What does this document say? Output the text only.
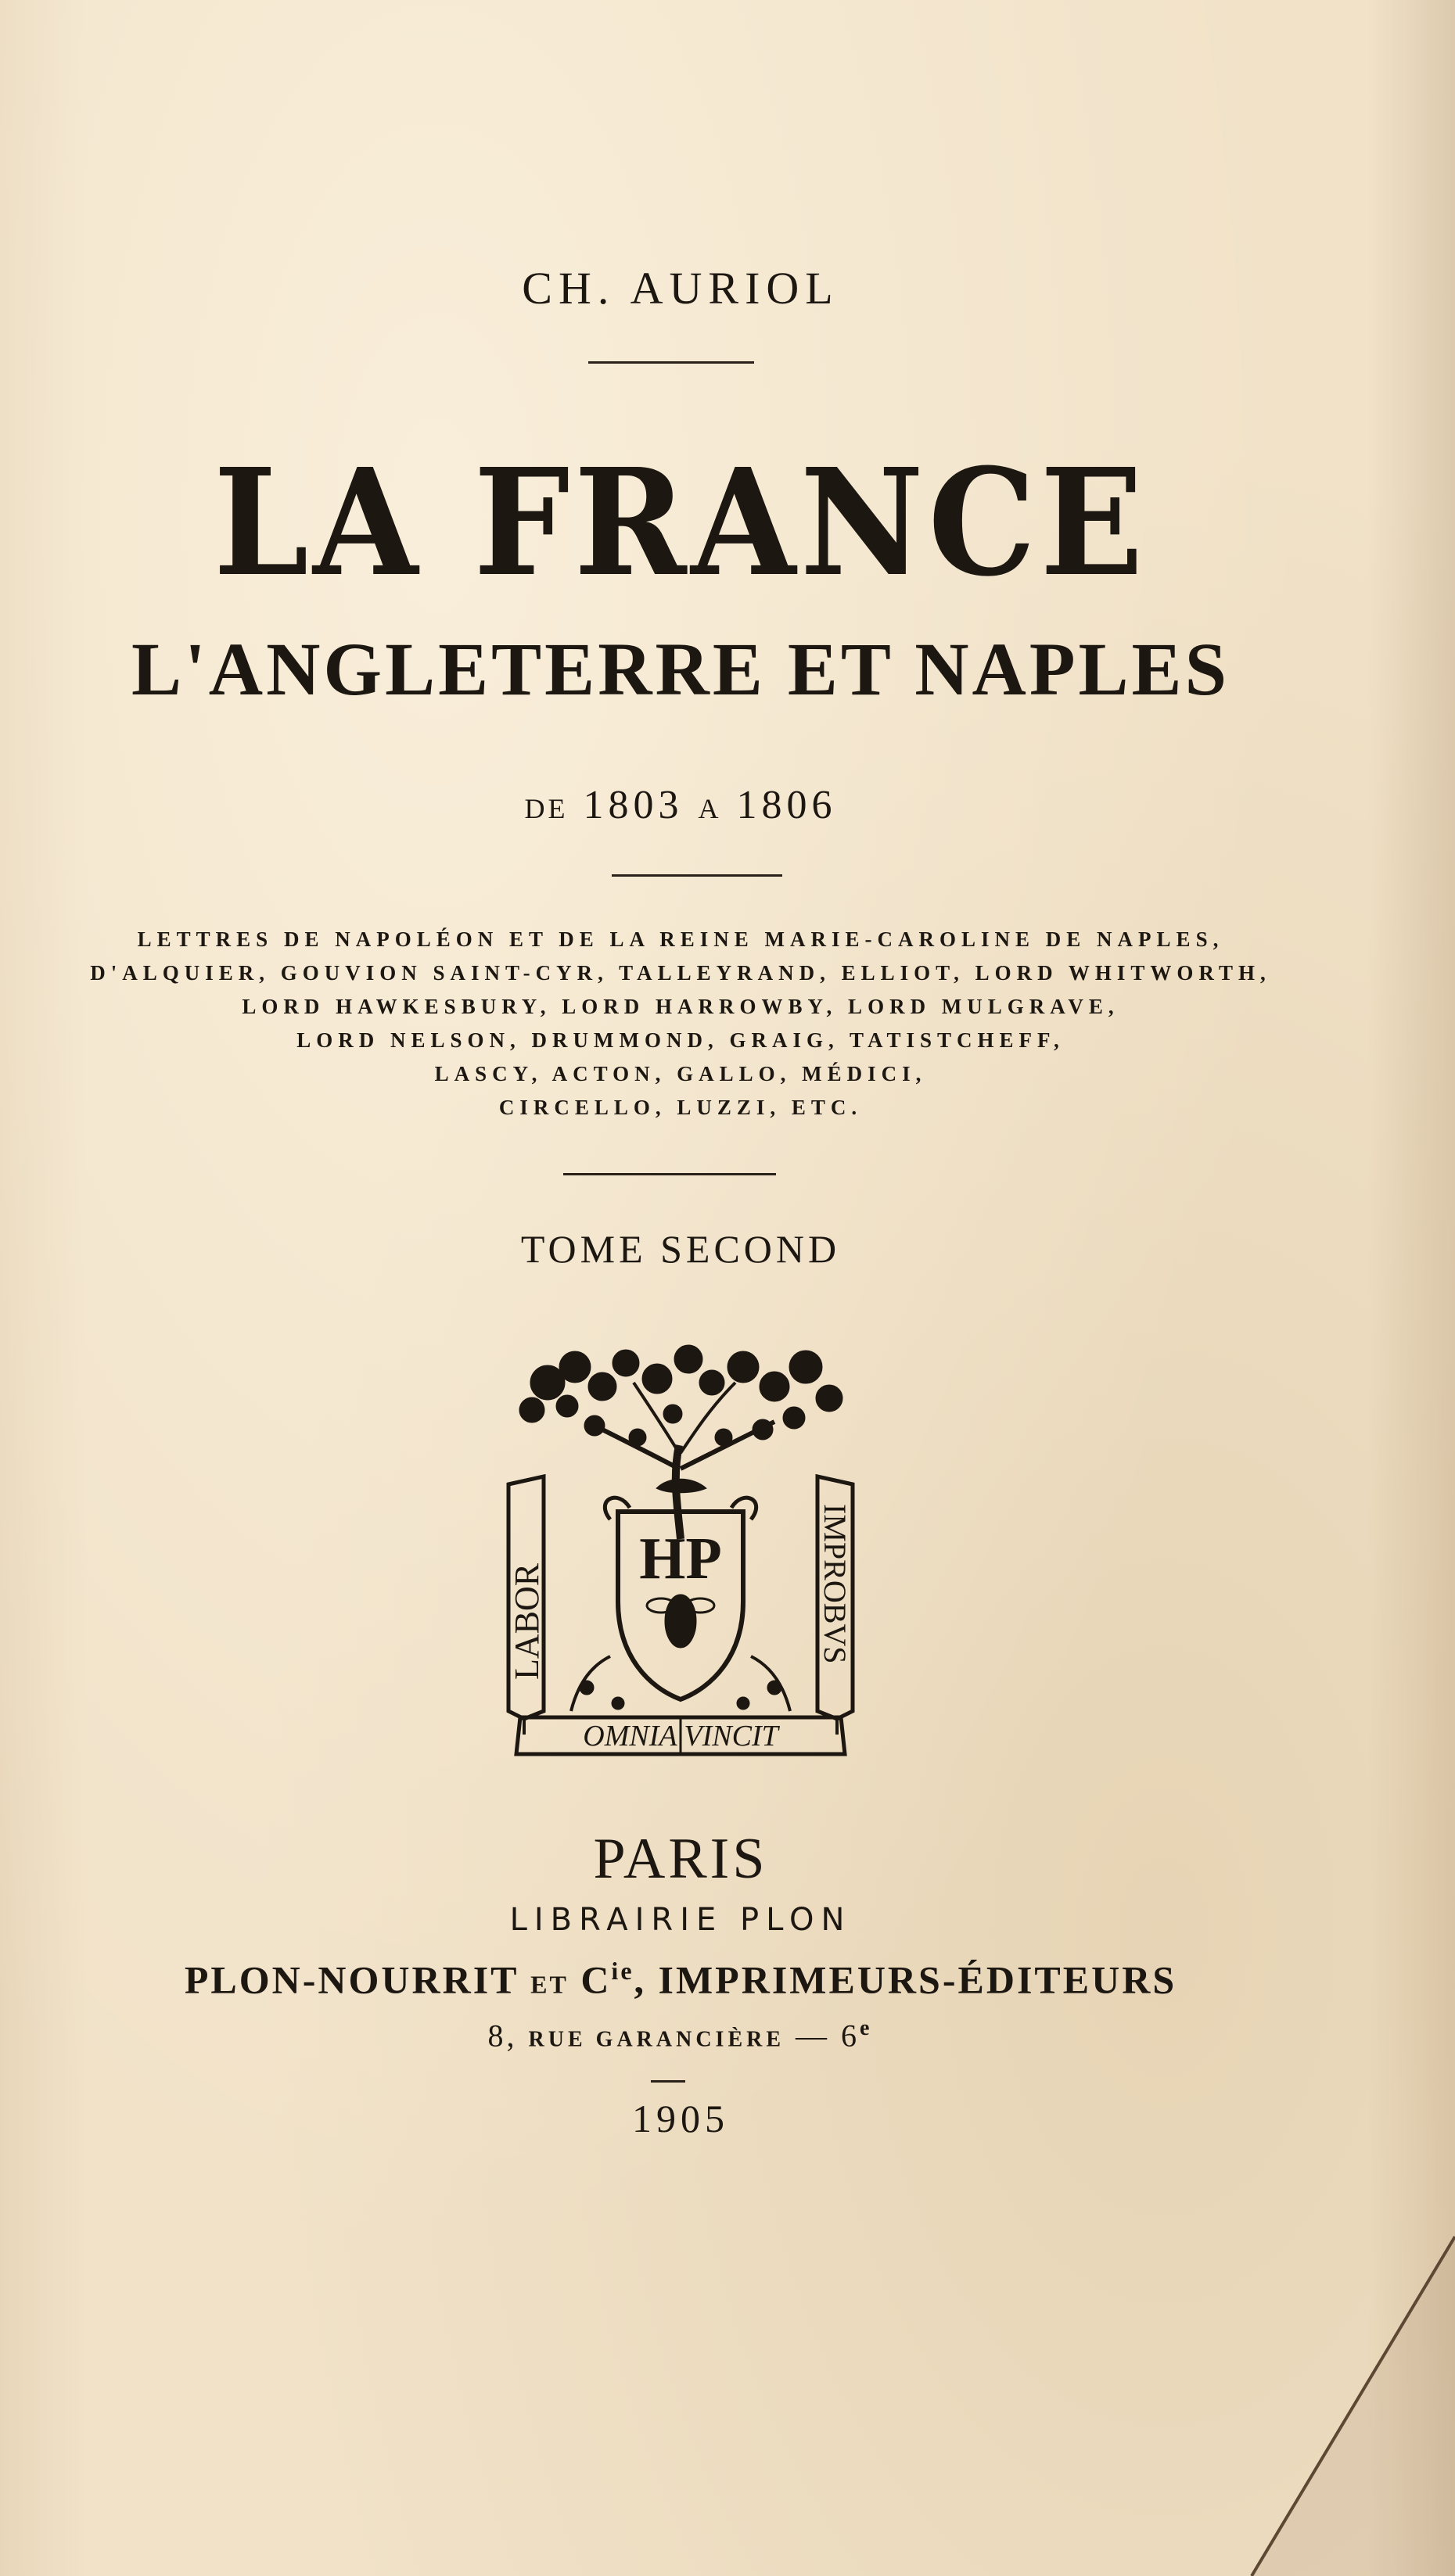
CH. AURIOL
LA FRANCE
L'ANGLETERRE ET NAPLES
DE 1803 A 1806
LETTRES DE NAPOLÉON ET DE LA REINE MARIE-CAROLINE DE NAPLES,
D'ALQUIER, GOUVION SAINT-CYR, TALLEYRAND, ELLIOT, LORD WHITWORTH,
LORD HAWKESBURY, LORD HARROWBY, LORD MULGRAVE,
LORD NELSON, DRUMMOND, GRAIG, TATISTCHEFF,
LASCY, ACTON, GALLO, MÉDICI,
CIRCELLO, LUZZI, ETC.
TOME SECOND
HP
LABOR	IMPROBVS
OMNIA VINCIT
PARIS
LIBRAIRIE PLON
PLON-NOURRIT ET $C^{ie}$, IMPRIMEURS-ÉDITEURS
8, RUE GARANCIÈRE — 6e
1905
